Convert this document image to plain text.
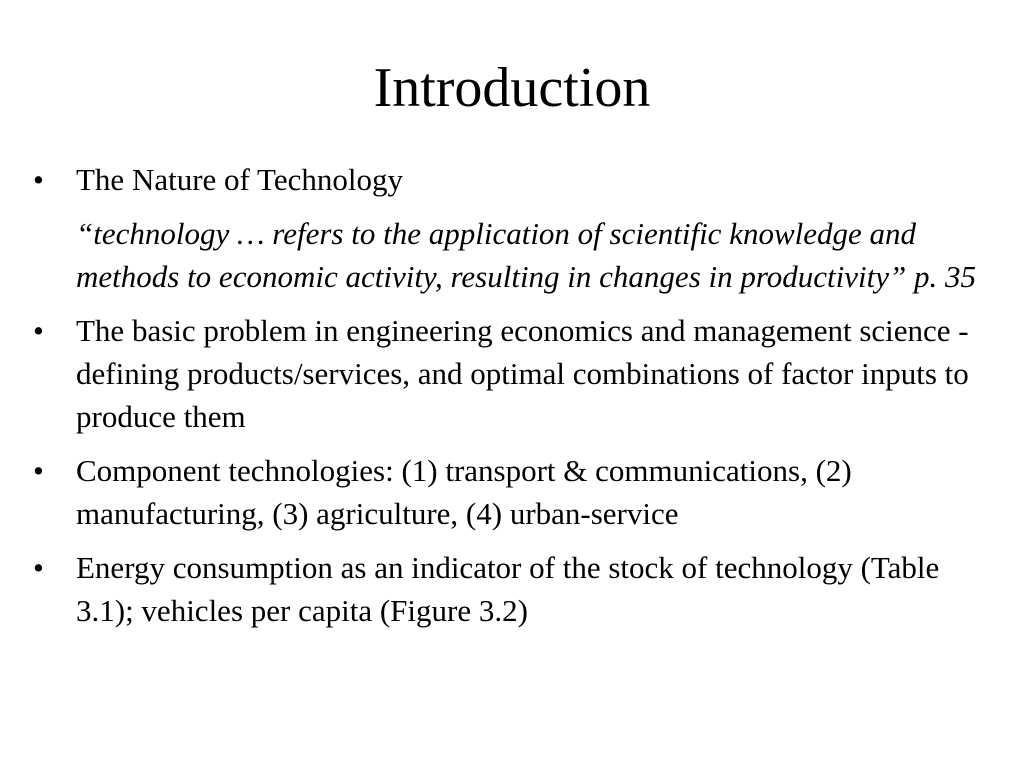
Introduction
• The Nature of Technology
“technology … refers to the application of scientific knowledge and methods to economic activity, resulting in changes in productivity” p. 35
• The basic problem in engineering economics and management science - defining products/services, and optimal combinations of factor inputs to produce them
• Component technologies: (1) transport & communications, (2) manufacturing, (3) agriculture, (4) urban-service
• Energy consumption as an indicator of the stock of technology (Table 3.1); vehicles per capita (Figure 3.2)
